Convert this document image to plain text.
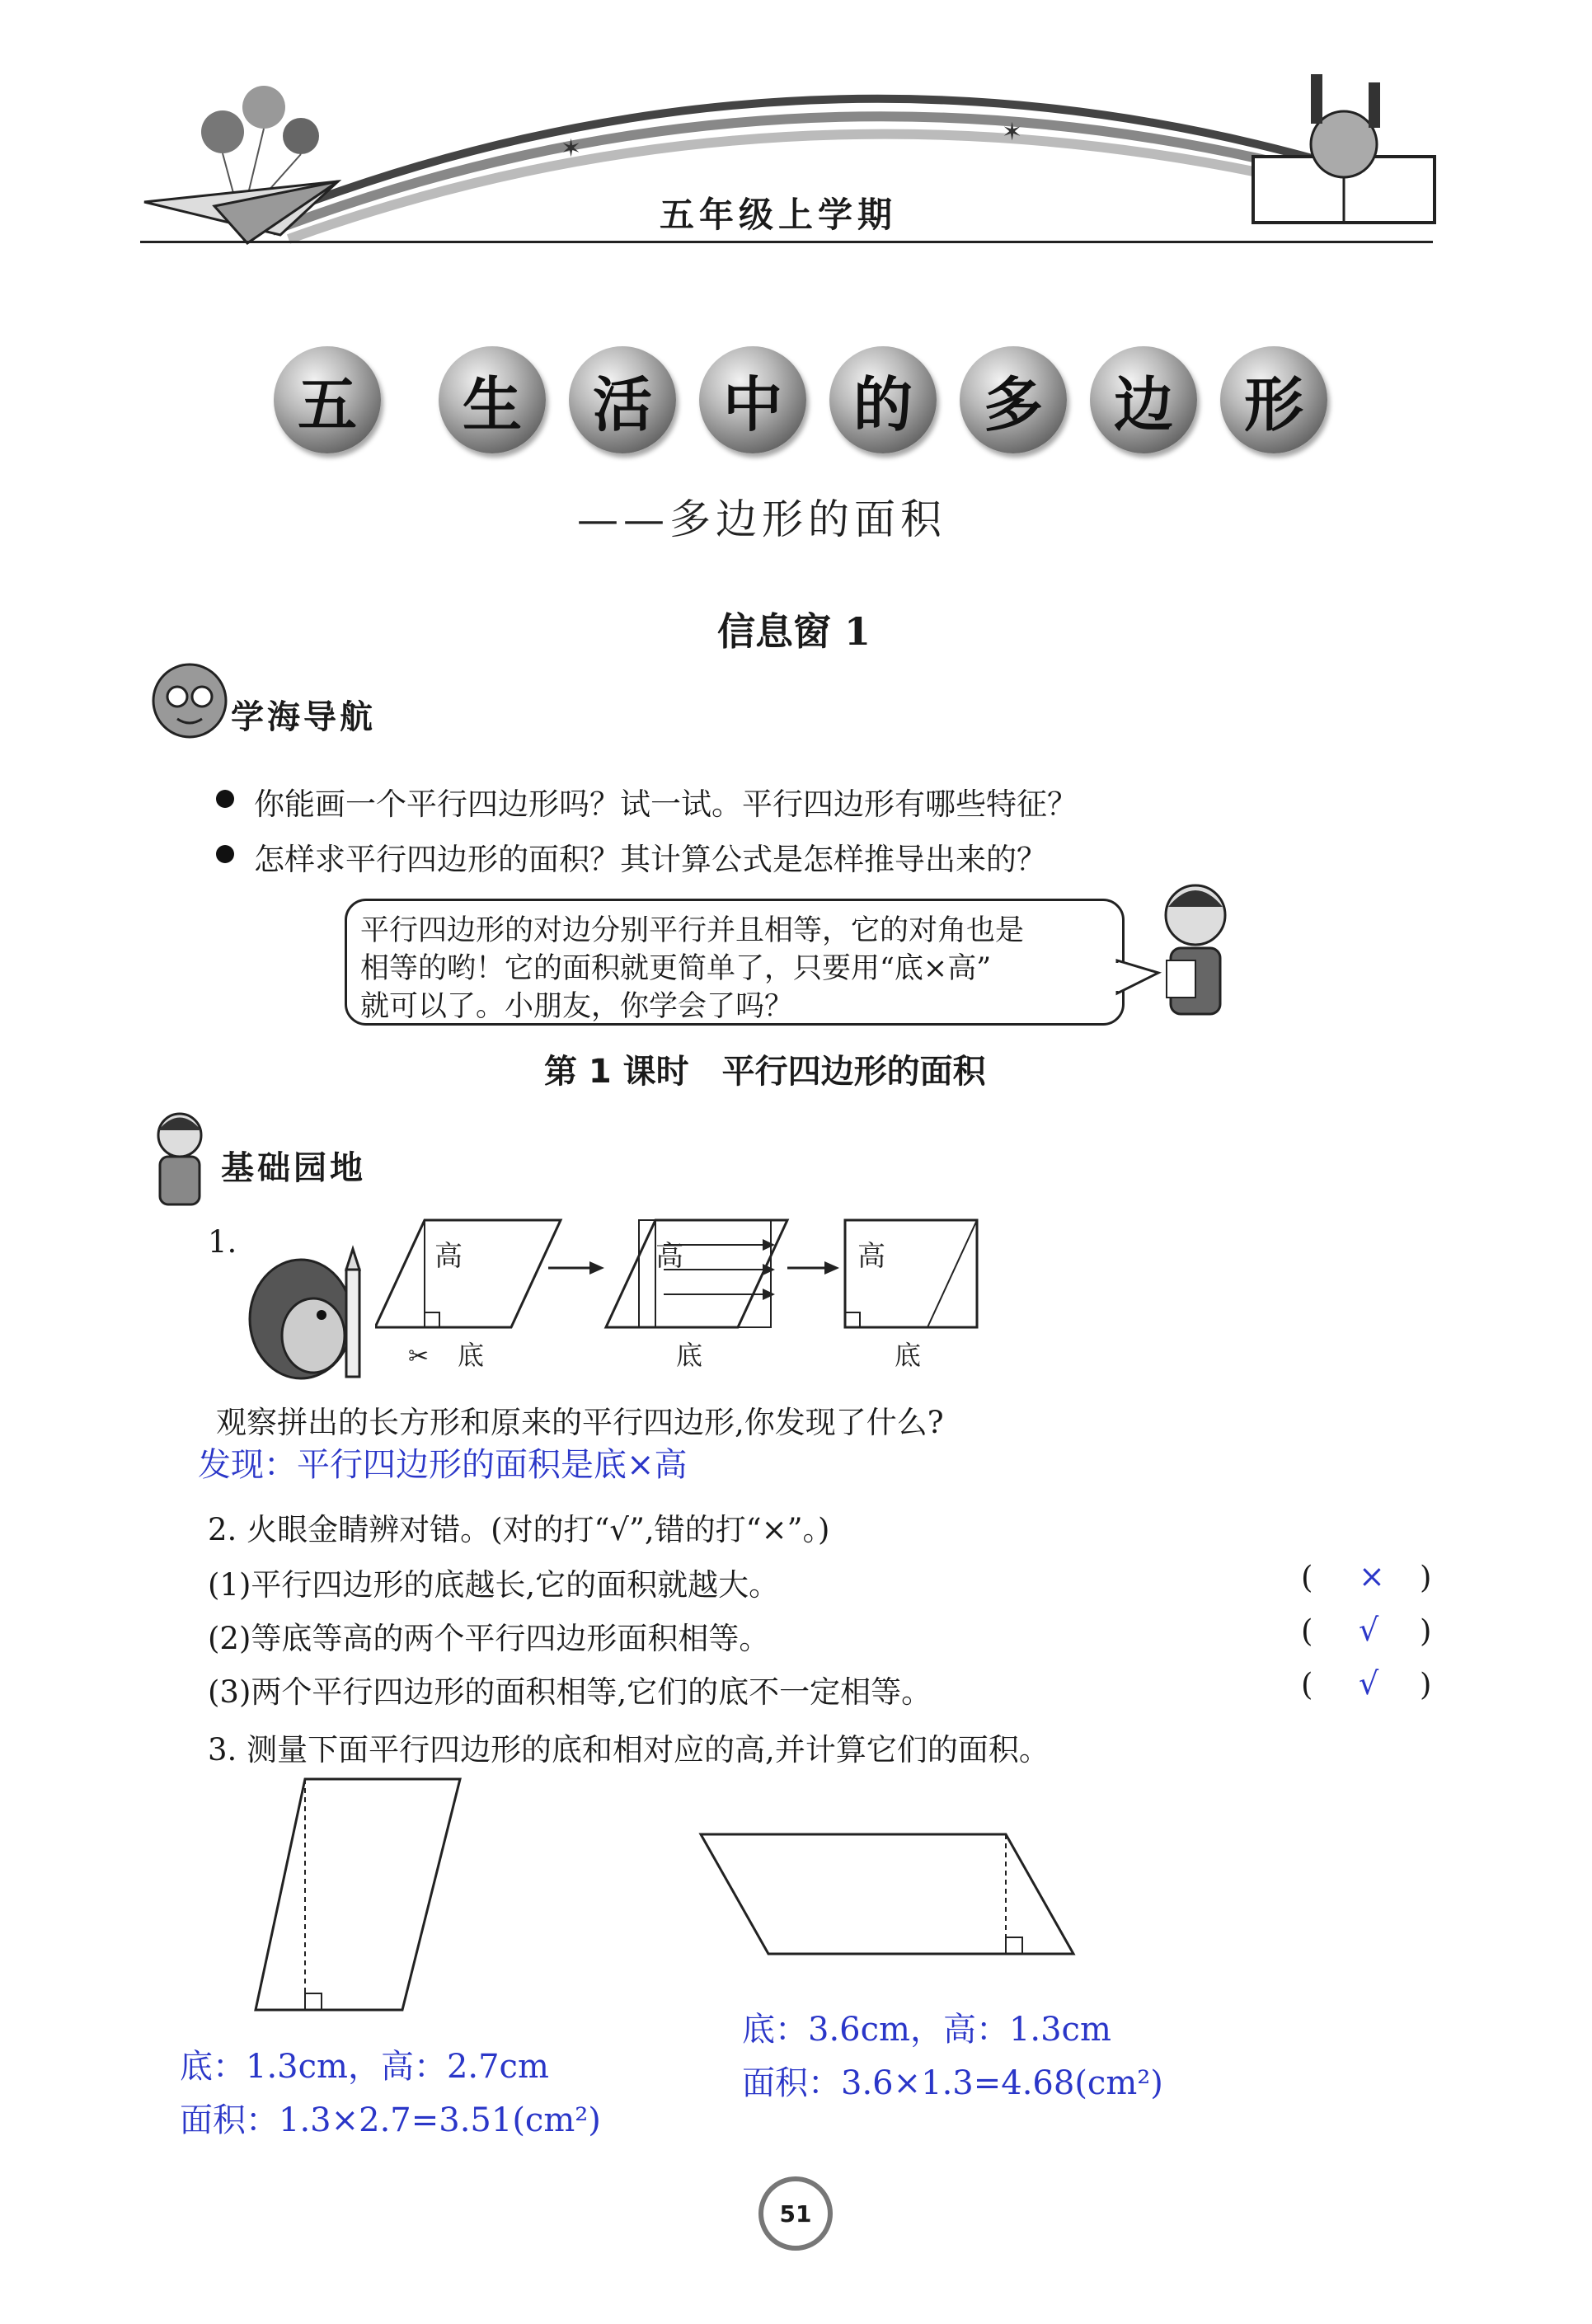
✶
✶
五年级上学期
五	生	活	中	的	多	边	形
——多边形的面积
信息窗 1
学海导航
你能画一个平行四边形吗？试一试。平行四边形有哪些特征？
怎样求平行四边形的面积？其计算公式是怎样推导出来的？
平行四边形的对边分别平行并且相等，它的对角也是
相等的哟！它的面积就更简单了，只要用“底×高”
就可以了。小朋友，你学会了吗？
第 1 课时　平行四边形的面积
基础园地
1.	高
底
✂
高
底
高
底
观察拼出的长方形和原来的平行四边形,你发现了什么?
发现：平行四边形的面积是底×高
2. 火眼金睛辨对错。(对的打“√”,错的打“×”。)
(1)平行四边形的底越长,它的面积就越大。	( × )
(2)等底等高的两个平行四边形面积相等。	( √ )
(3)两个平行四边形的面积相等,它们的底不一定相等。	( √ )
3. 测量下面平行四边形的底和相对应的高,并计算它们的面积。
底：1.3cm，高：2.7cm
面积：1.3×2.7=3.51(cm²)
底：3.6cm，高：1.3cm
面积：3.6×1.3=4.68(cm²)
51
